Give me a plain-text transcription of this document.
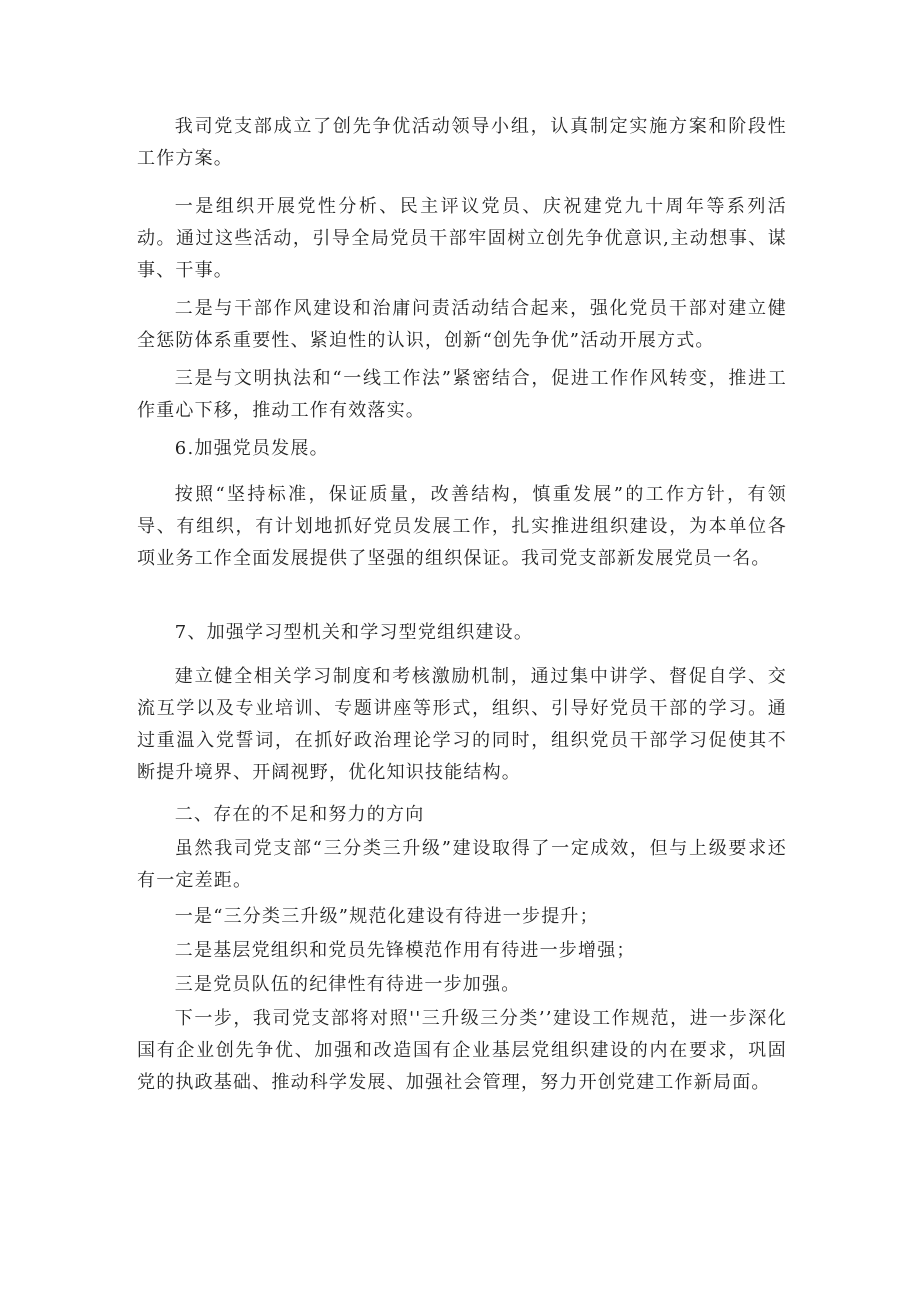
我司党支部成立了创先争优活动领导小组，认真制定实施方案和阶段性工作方案。

一是组织开展党性分析、民主评议党员、庆祝建党九十周年等系列活动。通过这些活动，引导全局党员干部牢固树立创先争优意识,主动想事、谋事、干事。

二是与干部作风建设和治庸问责活动结合起来，强化党员干部对建立健全惩防体系重要性、紧迫性的认识，创新“创先争优”活动开展方式。

三是与文明执法和“一线工作法”紧密结合，促进工作作风转变，推进工作重心下移，推动工作有效落实。

6.加强党员发展。

按照“坚持标准，保证质量，改善结构，慎重发展”的工作方针，有领导、有组织，有计划地抓好党员发展工作，扎实推进组织建设，为本单位各项业务工作全面发展提供了坚强的组织保证。我司党支部新发展党员一名。

7、加强学习型机关和学习型党组织建设。

建立健全相关学习制度和考核激励机制，通过集中讲学、督促自学、交流互学以及专业培训、专题讲座等形式，组织、引导好党员干部的学习。通过重温入党誓词，在抓好政治理论学习的同时，组织党员干部学习促使其不断提升境界、开阔视野，优化知识技能结构。

二、存在的不足和努力的方向

虽然我司党支部“三分类三升级”建设取得了一定成效，但与上级要求还有一定差距。

一是“三分类三升级”规范化建设有待进一步提升；

二是基层党组织和党员先锋模范作用有待进一步增强；

三是党员队伍的纪律性有待进一步加强。

下一步，我司党支部将对照''三升级三分类’’建设工作规范，进一步深化国有企业创先争优、加强和改造国有企业基层党组织建设的内在要求，巩固党的执政基础、推动科学发展、加强社会管理，努力开创党建工作新局面。
